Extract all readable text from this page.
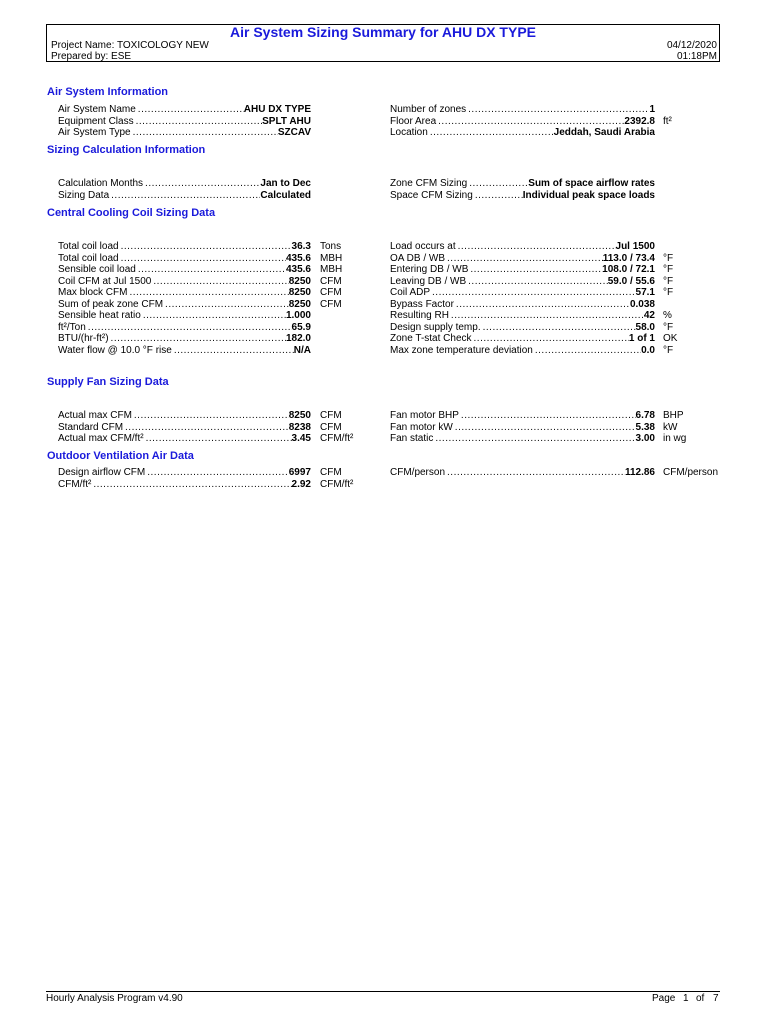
Air System Sizing Summary for AHU DX TYPE
Project Name: TOXICOLOGY NEW
Prepared by: ESE
04/12/2020
01:18PM
Air System Information
Sizing Calculation Information
Central Cooling Coil Sizing Data
Supply Fan Sizing Data
Outdoor Ventilation Air Data
Air System Name .....	AHU DX TYPE
Equipment Class .....	SPLT AHU
Air System Type .....	SZCAV
Number of zones .....	1
Floor Area .....	2392.8 ft²
Location .....	Jeddah, Saudi Arabia
Calculation Months .....	Jan to Dec
Sizing Data .....	Calculated
Zone CFM Sizing .....	Sum of space airflow rates
Space CFM Sizing .....	Individual peak space loads
Total coil load .....	36.3 Tons
Total coil load .....	435.6 MBH
Sensible coil load .....	435.6 MBH
Coil CFM at Jul 1500 .....	8250 CFM
Max block CFM .....	8250 CFM
Sum of peak zone CFM .....	8250 CFM
Sensible heat ratio .....	1.000
ft²/Ton .....	65.9
BTU/(hr-ft²) .....	182.0
Water flow @ 10.0 °F rise .....	N/A
Load occurs at .....	Jul 1500
OA DB / WB .....	113.0 / 73.4 °F
Entering DB / WB .....	108.0 / 72.1 °F
Leaving DB / WB .....	59.0 / 55.6 °F
Coil ADP .....	57.1 °F
Bypass Factor .....	0.038
Resulting RH .....	42 %
Design supply temp. .....	58.0 °F
Zone T-stat Check .....	1 of 1 OK
Max zone temperature deviation .....	0.0 °F
Actual max CFM .....	8250 CFM
Standard CFM .....	8238 CFM
Actual max CFM/ft² .....	3.45 CFM/ft²
Fan motor BHP .....	6.78 BHP
Fan motor kW .....	5.38 kW
Fan static .....	3.00 in wg
Design airflow CFM .....	6997 CFM
CFM/ft² .....	2.92 CFM/ft²
CFM/person .....	112.86 CFM/person
Hourly Analysis Program v4.90	Page 1 of 7
